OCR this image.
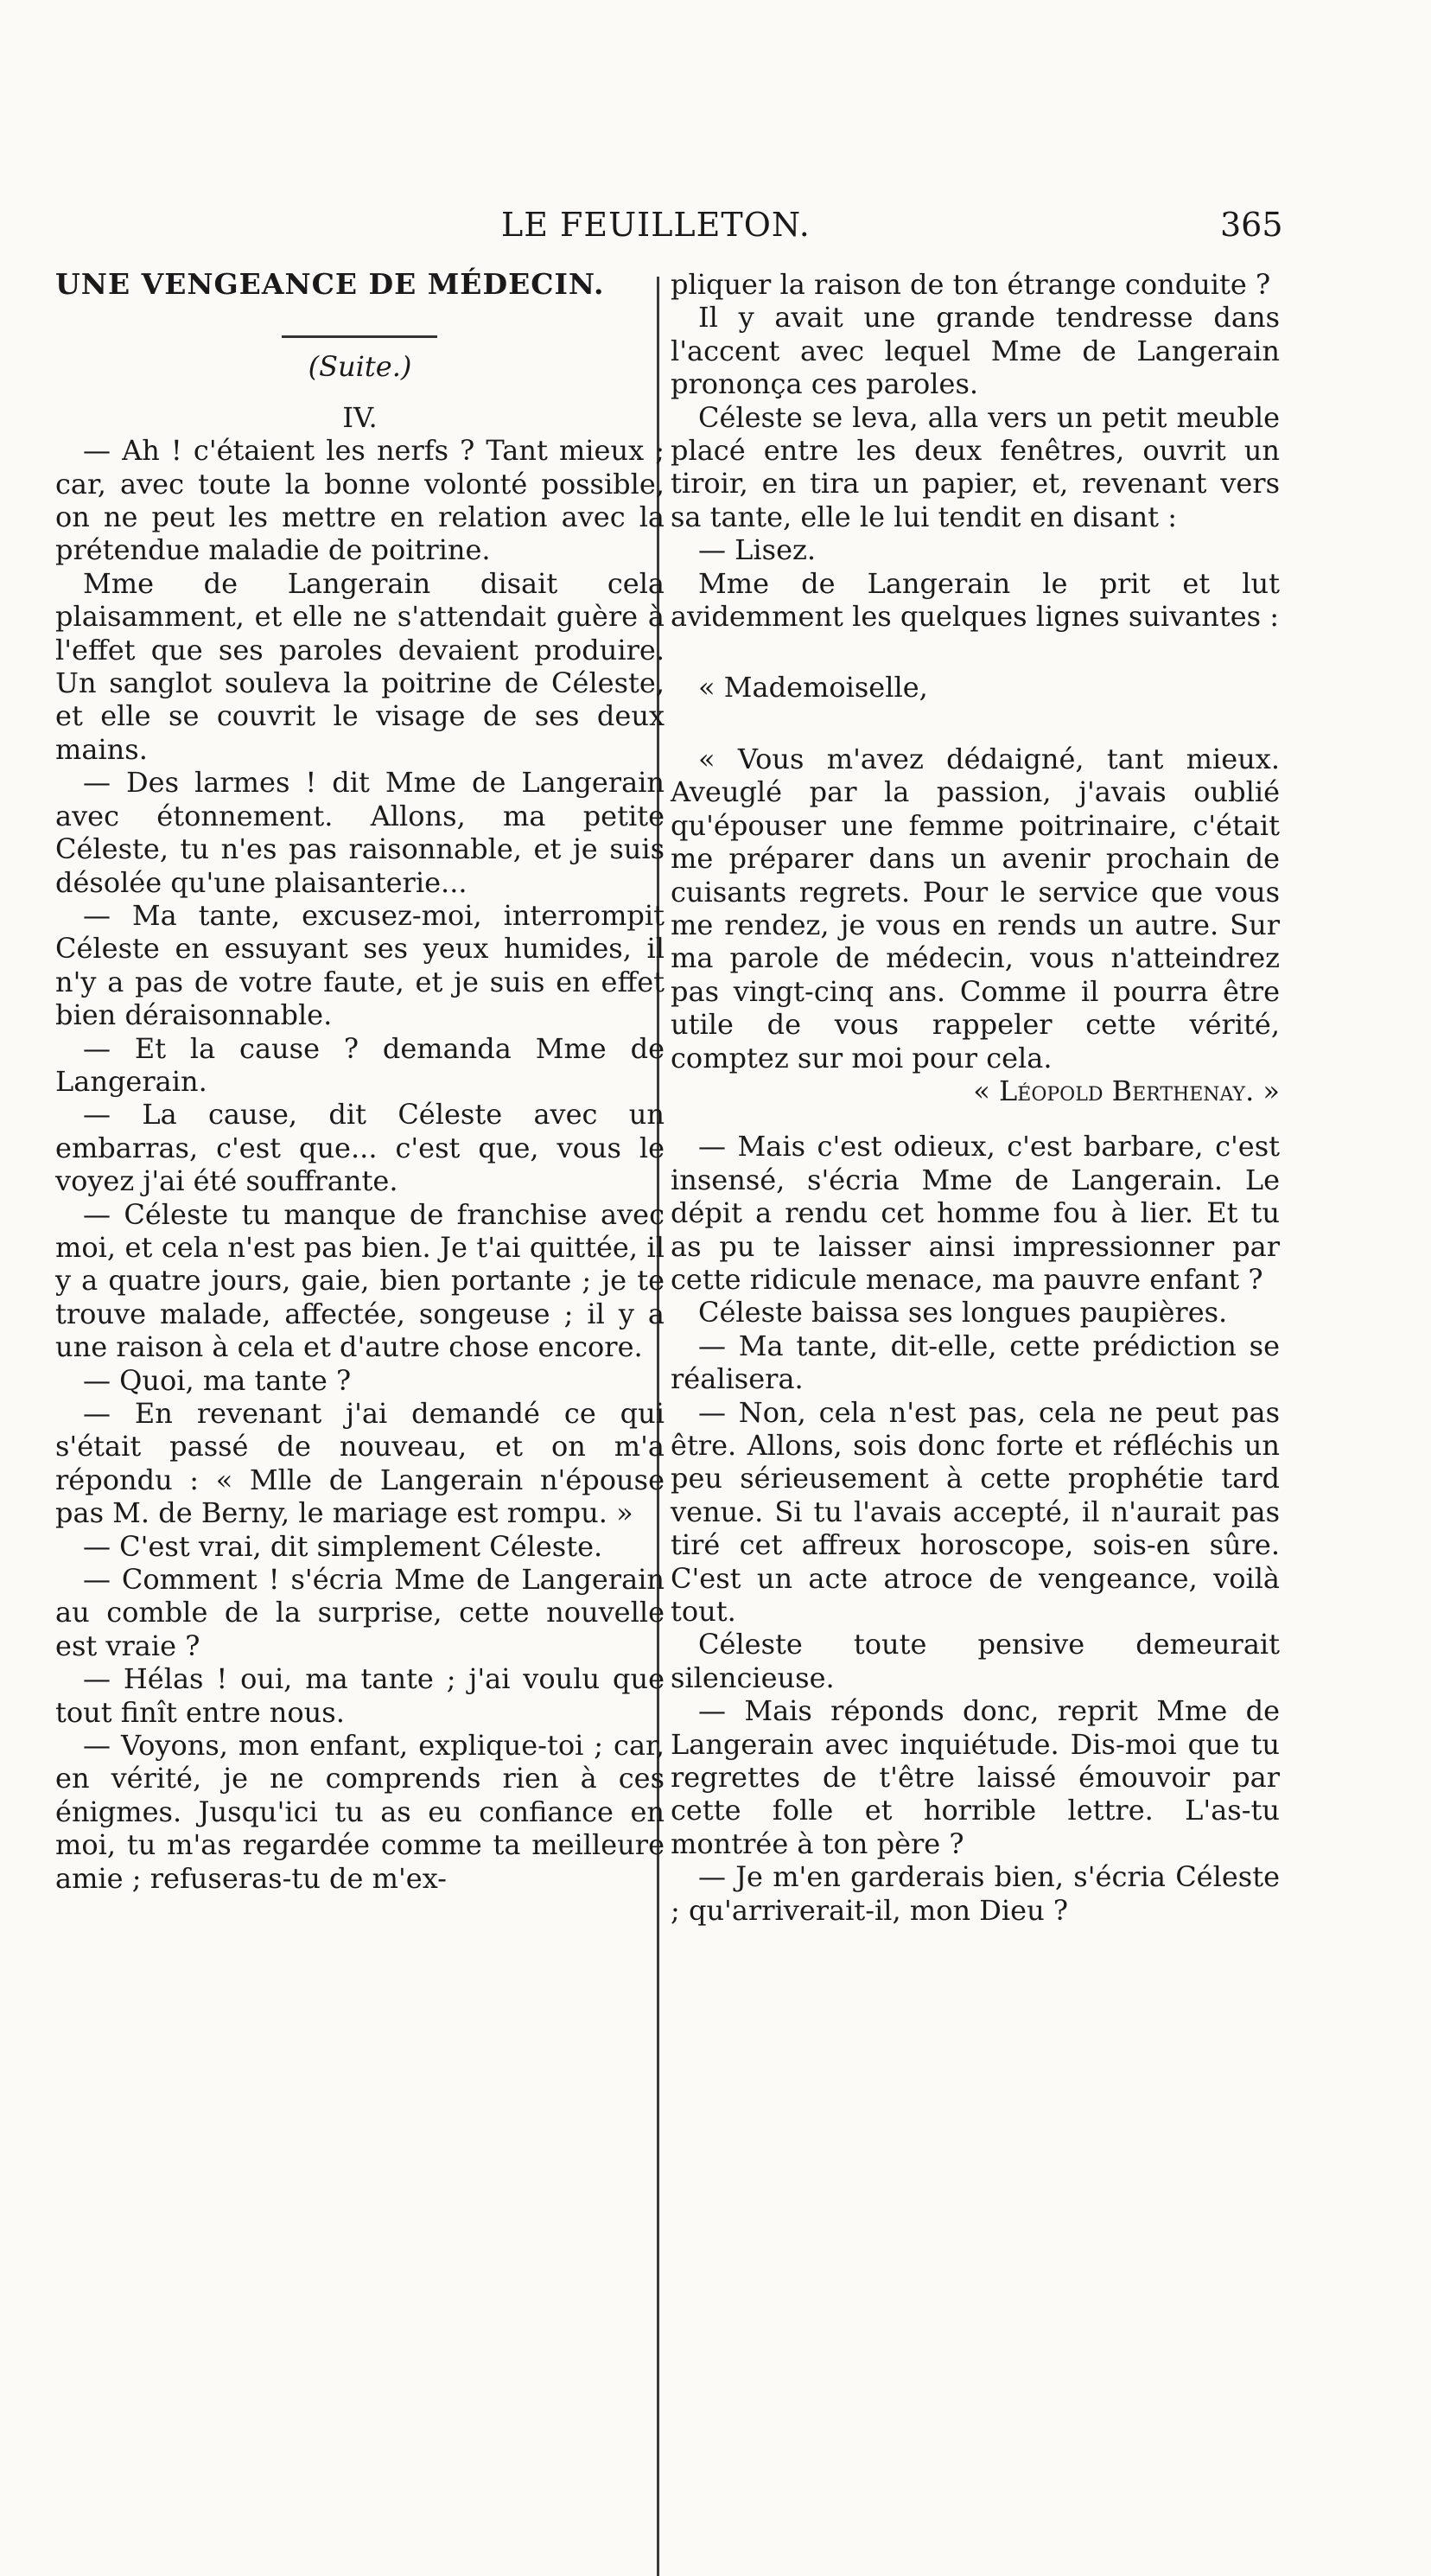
LE FEUILLETON.	365
UNE VENGEANCE DE MÉDECIN.
(Suite.)
IV.

— Ah ! c'étaient les nerfs ? Tant mieux ; car, avec toute la bonne volonté possible, on ne peut les mettre en relation avec la prétendue maladie de poitrine.

Mme de Langerain disait cela plaisamment, et elle ne s'attendait guère à l'effet que ses paroles devaient produire. Un sanglot souleva la poitrine de Céleste, et elle se couvrit le visage de ses deux mains.

— Des larmes ! dit Mme de Langerain avec étonnement. Allons, ma petite Céleste, tu n'es pas raisonnable, et je suis désolée qu'une plaisanterie...

— Ma tante, excusez-moi, interrompit Céleste en essuyant ses yeux humides, il n'y a pas de votre faute, et je suis en effet bien déraisonnable.

— Et la cause ? demanda Mme de Langerain.

— La cause, dit Céleste avec un embarras, c'est que... c'est que, vous le voyez j'ai été souffrante.

— Céleste tu manque de franchise avec moi, et cela n'est pas bien. Je t'ai quittée, il y a quatre jours, gaie, bien portante ; je te trouve malade, affectée, songeuse ; il y a une raison à cela et d'autre chose encore.

— Quoi, ma tante ?

— En revenant j'ai demandé ce qui s'était passé de nouveau, et on m'a répondu : « Mlle de Langerain n'épouse pas M. de Berny, le mariage est rompu. »

— C'est vrai, dit simplement Céleste.

— Comment ! s'écria Mme de Langerain au comble de la surprise, cette nouvelle est vraie ?

— Hélas ! oui, ma tante ; j'ai voulu que tout finît entre nous.

— Voyons, mon enfant, explique-toi ; car, en vérité, je ne comprends rien à ces énigmes. Jusqu'ici tu as eu confiance en moi, tu m'as regardée comme ta meilleure amie ; refuseras-tu de m'ex-

pliquer la raison de ton étrange conduite ?

Il y avait une grande tendresse dans l'accent avec lequel Mme de Langerain prononça ces paroles.

Céleste se leva, alla vers un petit meuble placé entre les deux fenêtres, ouvrit un tiroir, en tira un papier, et, revenant vers sa tante, elle le lui tendit en disant :

— Lisez.

Mme de Langerain le prit et lut avidemment les quelques lignes suivantes :

« Mademoiselle,

« Vous m'avez dédaigné, tant mieux. Aveuglé par la passion, j'avais oublié qu'épouser une femme poitrinaire, c'était me préparer dans un avenir prochain de cuisants regrets. Pour le service que vous me rendez, je vous en rends un autre. Sur ma parole de médecin, vous n'atteindrez pas vingt-cinq ans. Comme il pourra être utile de vous rappeler cette vérité, comptez sur moi pour cela.

« Léopold Berthenay. »

— Mais c'est odieux, c'est barbare, c'est insensé, s'écria Mme de Langerain. Le dépit a rendu cet homme fou à lier. Et tu as pu te laisser ainsi impressionner par cette ridicule menace, ma pauvre enfant ?

Céleste baissa ses longues paupières.

— Ma tante, dit-elle, cette prédiction se réalisera.

— Non, cela n'est pas, cela ne peut pas être. Allons, sois donc forte et réfléchis un peu sérieusement à cette prophétie tard venue. Si tu l'avais accepté, il n'aurait pas tiré cet affreux horoscope, sois-en sûre. C'est un acte atroce de vengeance, voilà tout.

Céleste toute pensive demeurait silencieuse.

— Mais réponds donc, reprit Mme de Langerain avec inquiétude. Dis-moi que tu regrettes de t'être laissé émouvoir par cette folle et horrible lettre. L'as-tu montrée à ton père ?

— Je m'en garderais bien, s'écria Céleste ; qu'arriverait-il, mon Dieu ?
